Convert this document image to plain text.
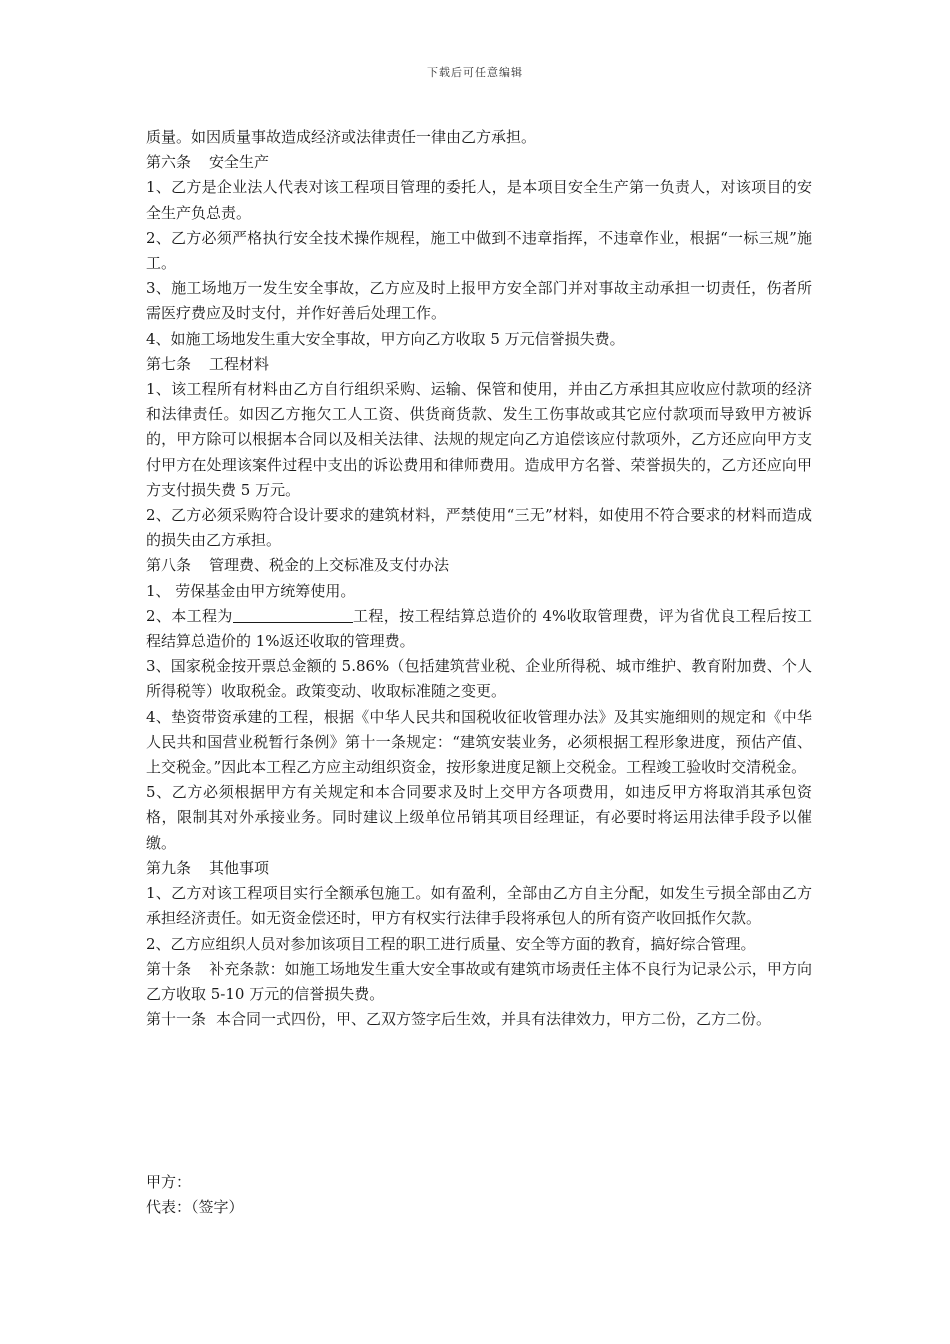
下载后可任意编辑

质量。如因质量事故造成经济或法律责任一律由乙方承担。

第六条 安全生产

1、乙方是企业法人代表对该工程项目管理的委托人，是本项目安全生产第一负责人，对该项目的安全生产负总责。

2、乙方必须严格执行安全技术操作规程，施工中做到不违章指挥，不违章作业，根据“一标三规”施工。

3、施工场地万一发生安全事故，乙方应及时上报甲方安全部门并对事故主动承担一切责任，伤者所需医疗费应及时支付，并作好善后处理工作。

4、如施工场地发生重大安全事故，甲方向乙方收取 5 万元信誉损失费。

第七条 工程材料

1、该工程所有材料由乙方自行组织采购、运输、保管和使用，并由乙方承担其应收应付款项的经济和法律责任。如因乙方拖欠工人工资、供货商货款、发生工伤事故或其它应付款项而导致甲方被诉的，甲方除可以根据本合同以及相关法律、法规的规定向乙方追偿该应付款项外，乙方还应向甲方支付甲方在处理该案件过程中支出的诉讼费用和律师费用。造成甲方名誉、荣誉损失的，乙方还应向甲方支付损失费 5 万元。

2、乙方必须采购符合设计要求的建筑材料，严禁使用“三无”材料，如使用不符合要求的材料而造成的损失由乙方承担。

第八条 管理费、税金的上交标准及支付办法

1、 劳保基金由甲方统筹使用。

2、本工程为	工程，按工程结算总造价的 4%收取管理费，评为省优良工程后按工程结算总造价的 1%返还收取的管理费。

3、国家税金按开票总金额的 5.86%（包括建筑营业税、企业所得税、城市维护、教育附加费、个人所得税等）收取税金。政策变动、收取标准随之变更。

4、垫资带资承建的工程，根据《中华人民共和国税收征收管理办法》及其实施细则的规定和《中华人民共和国营业税暂行条例》第十一条规定：“建筑安装业务，必须根据工程形象进度，预估产值、上交税金。”因此本工程乙方应主动组织资金，按形象进度足额上交税金。工程竣工验收时交清税金。

5、乙方必须根据甲方有关规定和本合同要求及时上交甲方各项费用，如违反甲方将取消其承包资格，限制其对外承接业务。同时建议上级单位吊销其项目经理证，有必要时将运用法律手段予以催缴。

第九条 其他事项

1、乙方对该工程项目实行全额承包施工。如有盈利，全部由乙方自主分配，如发生亏损全部由乙方承担经济责任。如无资金偿还时，甲方有权实行法律手段将承包人的所有资产收回抵作欠款。

2、乙方应组织人员对参加该项目工程的职工进行质量、安全等方面的教育，搞好综合管理。

第十条 补充条款：如施工场地发生重大安全事故或有建筑市场责任主体不良行为记录公示，甲方向乙方收取 5-10 万元的信誉损失费。

第十一条 本合同一式四份，甲、乙双方签字后生效，并具有法律效力，甲方二份，乙方二份。

甲方：
代表：（签字）
